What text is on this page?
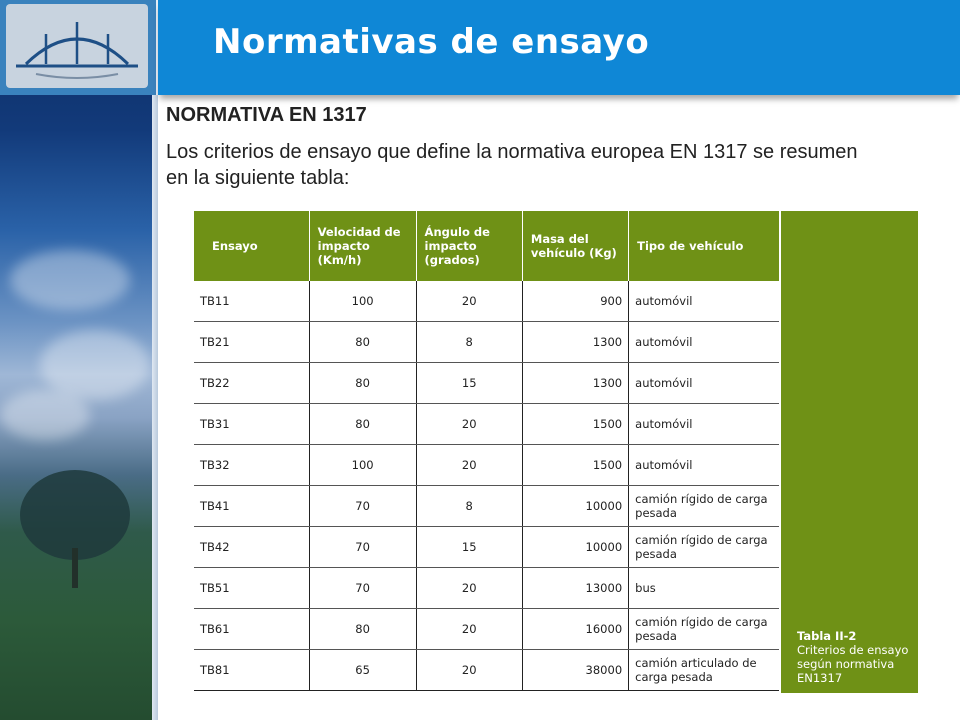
Normativas de ensayo
NORMATIVA EN 1317
Los criterios de ensayo que define la normativa europea EN 1317 se resumen en la siguiente tabla:
Ensayo	Velocidad de impacto (Km/h)	Ángulo de impacto (grados)	Masa del vehículo (Kg)	Tipo de vehículo
TB11	100	20	900	automóvil
TB21	80	8	1300	automóvil
TB22	80	15	1300	automóvil
TB31	80	20	1500	automóvil
TB32	100	20	1500	automóvil
TB41	70	8	10000	camión rígido de carga pesada
TB42	70	15	10000	camión rígido de carga pesada
TB51	70	20	13000	bus
TB61	80	20	16000	camión rígido de carga pesada
TB81	65	20	38000	camión articulado de carga pesada
Tabla II-2
Criterios de ensayo según normativa EN1317
